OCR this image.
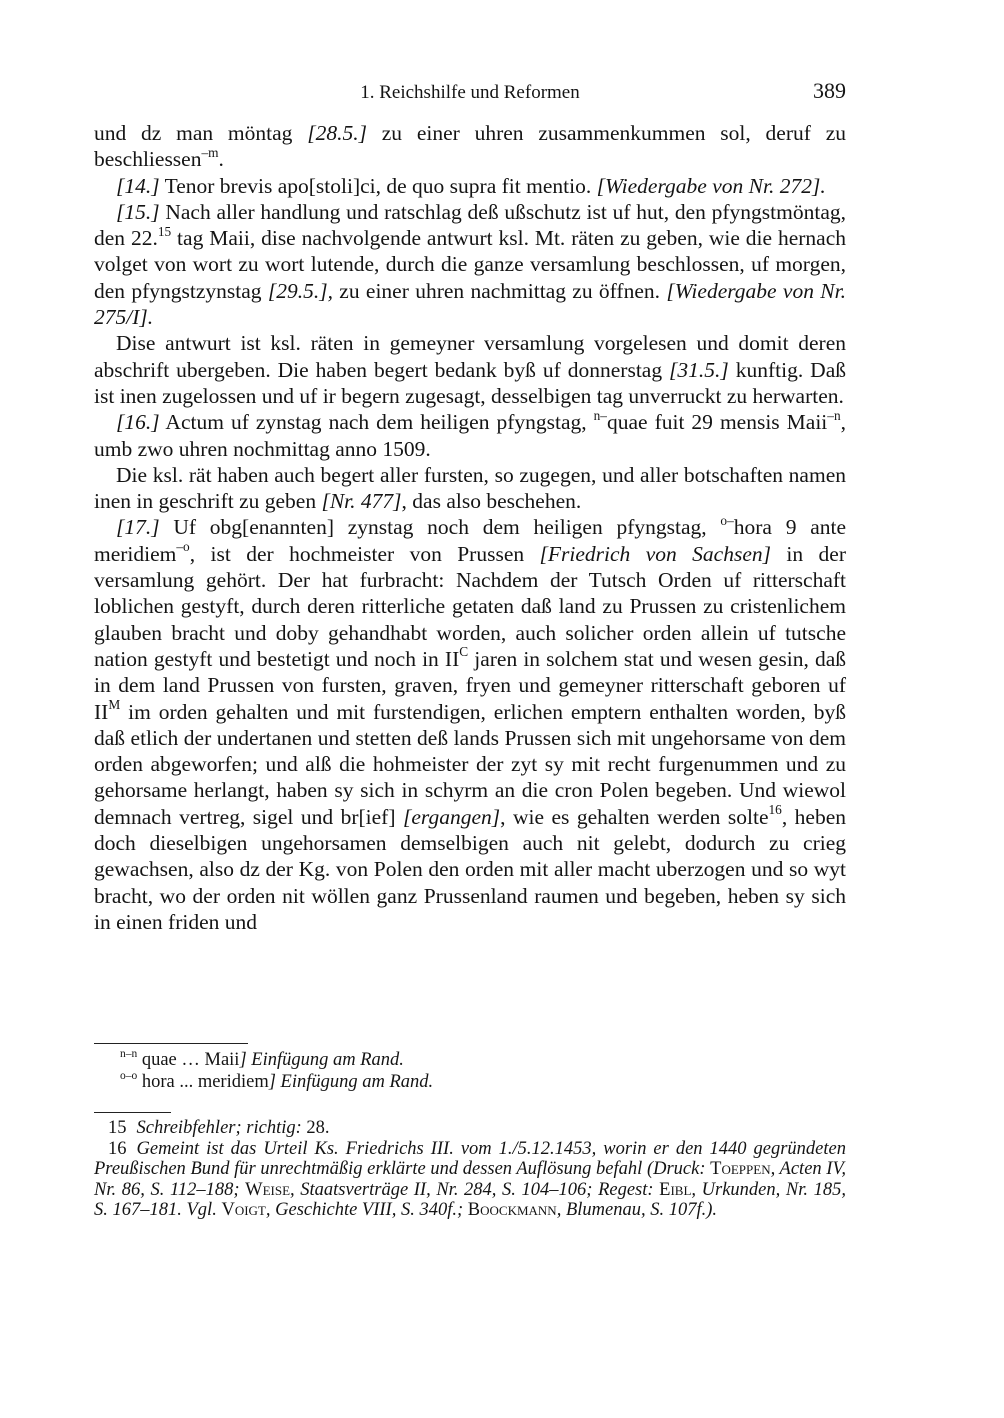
1. Reichshilfe und Reformen	389

und dz man möntag [28.5.] zu einer uhren zusammenkummen sol, deruf zu beschliessen$^{-m}$.

[14.] Tenor brevis apo[stoli]ci, de quo supra fit mentio. [Wiedergabe von Nr. 272].

[15.] Nach aller handlung und ratschlag deß ußschutz ist uf hut, den pfyngstmöntag, den 22.15 tag Maii, dise nachvolgende antwurt ksl. Mt. räten zu geben, wie die hernach volget von wort zu wort lutende, durch die ganze versamlung beschlossen, uf morgen, den pfyngstzynstag [29.5.], zu einer uhren nachmittag zu öffnen. [Wiedergabe von Nr. 275/I].

Dise antwurt ist ksl. räten in gemeyner versamlung vorgelesen und domit deren abschrift ubergeben. Die haben begert bedank byß uf donnerstag [31.5.] kunftig. Daß ist inen zugelossen und uf ir begern zugesagt, desselbigen tag unverruckt zu herwarten.

[16.] Actum uf zynstag nach dem heiligen pfyngstag, $^{n-}$quae fuit 29 mensis Maii$^{-n}$, umb zwo uhren nochmittag anno 1509.

Die ksl. rät haben auch begert aller fursten, so zugegen, und aller botschaften namen inen in geschrift zu geben [Nr. 477], das also beschehen.

[17.] Uf obg[enannten] zynstag noch dem heiligen pfyngstag, $^{o-}$hora 9 ante meridiem$^{-o}$, ist der hochmeister von Prussen [Friedrich von Sachsen] in der versamlung gehört. Der hat furbracht: Nachdem der Tutsch Orden uf ritterschaft loblichen gestyft, durch deren ritterliche getaten daß land zu Prussen zu cristenlichem glauben bracht und doby gehandhabt worden, auch solicher orden allein uf tutsche nation gestyft und bestetigt und noch in $II^C$ jaren in solchem stat und wesen gesin, daß in dem land Prussen von fursten, graven, fryen und gemeyner ritterschaft geboren uf $II^M$ im orden gehalten und mit furstendigen, erlichen emptern enthalten worden, byß daß etlich der undertanen und stetten deß lands Prussen sich mit ungehorsame von dem orden abgeworfen; und alß die hohmeister der zyt sy mit recht furgenummen und zu gehorsame herlangt, haben sy sich in schyrm an die cron Polen begeben. Und wiewol demnach vertreg, sigel und br[ief] [ergangen], wie es gehalten werden solte$^{16}$, heben doch dieselbigen ungehorsamen demselbigen auch nit gelebt, dodurch zu crieg gewachsen, also dz der Kg. von Polen den orden mit aller macht uberzogen und so wyt bracht, wo der orden nit wöllen ganz Prussenland raumen und begeben, heben sy sich in einen friden und

$^{n-n}$ quae … Maii] Einfügung am Rand.
$^{o-o}$ hora ... meridiem] Einfügung am Rand.
15 Schreibfehler; richtig: 28.
16 Gemeint ist das Urteil Ks. Friedrichs III. vom 1./5.12.1453, worin er den 1440 gegründeten Preußischen Bund für unrechtmäßig erklärte und dessen Auflösung befahl (Druck: Toeppen, Acten IV, Nr. 86, S. 112–188; Weise, Staatsverträge II, Nr. 284, S. 104–106; Regest: Eibl, Urkunden, Nr. 185, S. 167–181. Vgl. Voigt, Geschichte VIII, S. 340f.; Boockmann, Blumenau, S. 107f.).
